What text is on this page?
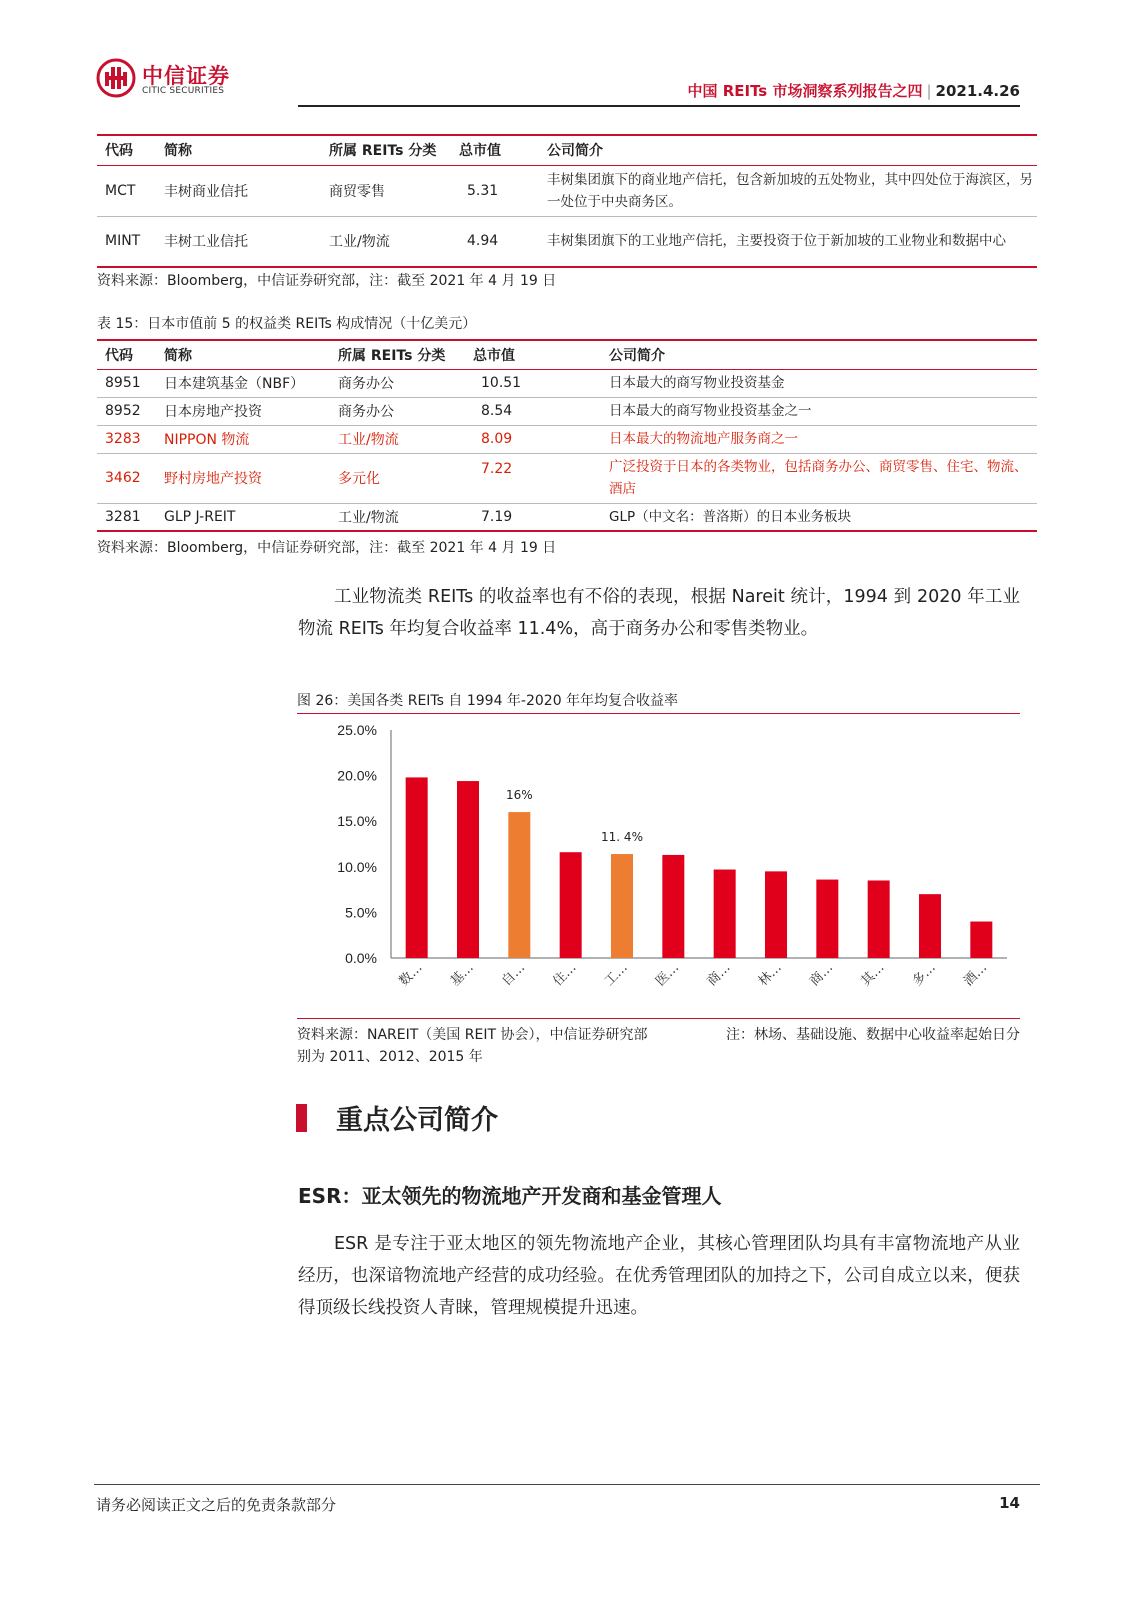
中信证券
CITIC SECURITIES	中国 REITs 市场洞察系列报告之四 | 2021.4.26
代码	简称	所属 REITs 分类	总市值	公司简介
MCT	丰树商业信托	商贸零售	5.31	丰树集团旗下的商业地产信托，包含新加坡的五处物业，其中四处位于海滨区，另一处位于中央商务区。
MINT	丰树工业信托	工业/物流	4.94	丰树集团旗下的工业地产信托，主要投资于位于新加坡的工业物业和数据中心
资料来源：Bloomberg，中信证券研究部，注：截至 2021 年 4 月 19 日
表 15：日本市值前 5 的权益类 REITs 构成情况（十亿美元）
代码	简称	所属 REITs 分类	总市值	公司简介
8951	日本建筑基金（NBF）	商务办公	10.51	日本最大的商写物业投资基金
8952	日本房地产投资	商务办公	8.54	日本最大的商写物业投资基金之一
3283	NIPPON 物流	工业/物流	8.09	日本最大的物流地产服务商之一
3462	野村房地产投资	多元化	7.22	广泛投资于日本的各类物业，包括商务办公、商贸零售、住宅、物流、 酒店
3281	GLP J-REIT	工业/物流	7.19	GLP（中文名：普洛斯）的日本业务板块
资料来源：Bloomberg，中信证券研究部，注：截至 2021 年 4 月 19 日
工业物流类 REITs 的收益率也有不俗的表现，根据 Nareit 统计，1994 到 2020 年工业物流 REITs 年均复合收益率 11.4%，高于商务办公和零售类物业。
图 26：美国各类 REITs 自 1994 年-2020 年年均复合收益率
25.0%
20.0%
15.0%
10.0%
5.0%
0.0%
数… 基…
16%
自… 住…
11. 4%
工… 医… 商… 林… 商… 其… 多… 酒…
资料来源：NAREIT（美国 REIT 协会），中信证券研究部	注：林场、基础设施、数据中心收益率起始日分
别为 2011、2012、2015 年
重点公司简介
ESR：亚太领先的物流地产开发商和基金管理人
ESR 是专注于亚太地区的领先物流地产企业，其核心管理团队均具有丰富物流地产从业经历，也深谙物流地产经营的成功经验。在优秀管理团队的加持之下，公司自成立以来，便获得顶级长线投资人青睐，管理规模提升迅速。
请务必阅读正文之后的免责条款部分	14
